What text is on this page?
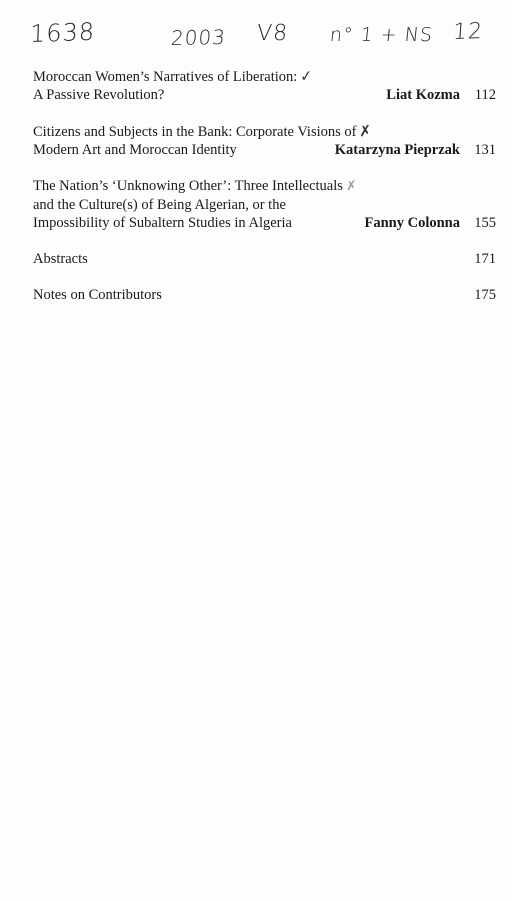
1638	2003 V8 n° 1 + NS 12
Moroccan Women’s Narratives of Liberation: ✓
A Passive Revolution?	Liat Kozma 112
Citizens and Subjects in the Bank: Corporate Visions of ✗
Modern Art and Moroccan Identity	Katarzyna Pieprzak 131
The Nation’s ‘Unknowing Other’: Three Intellectuals ✗
and the Culture(s) of Being Algerian, or the
Impossibility of Subaltern Studies in Algeria	Fanny Colonna 155
Abstracts	171
Notes on Contributors	175
